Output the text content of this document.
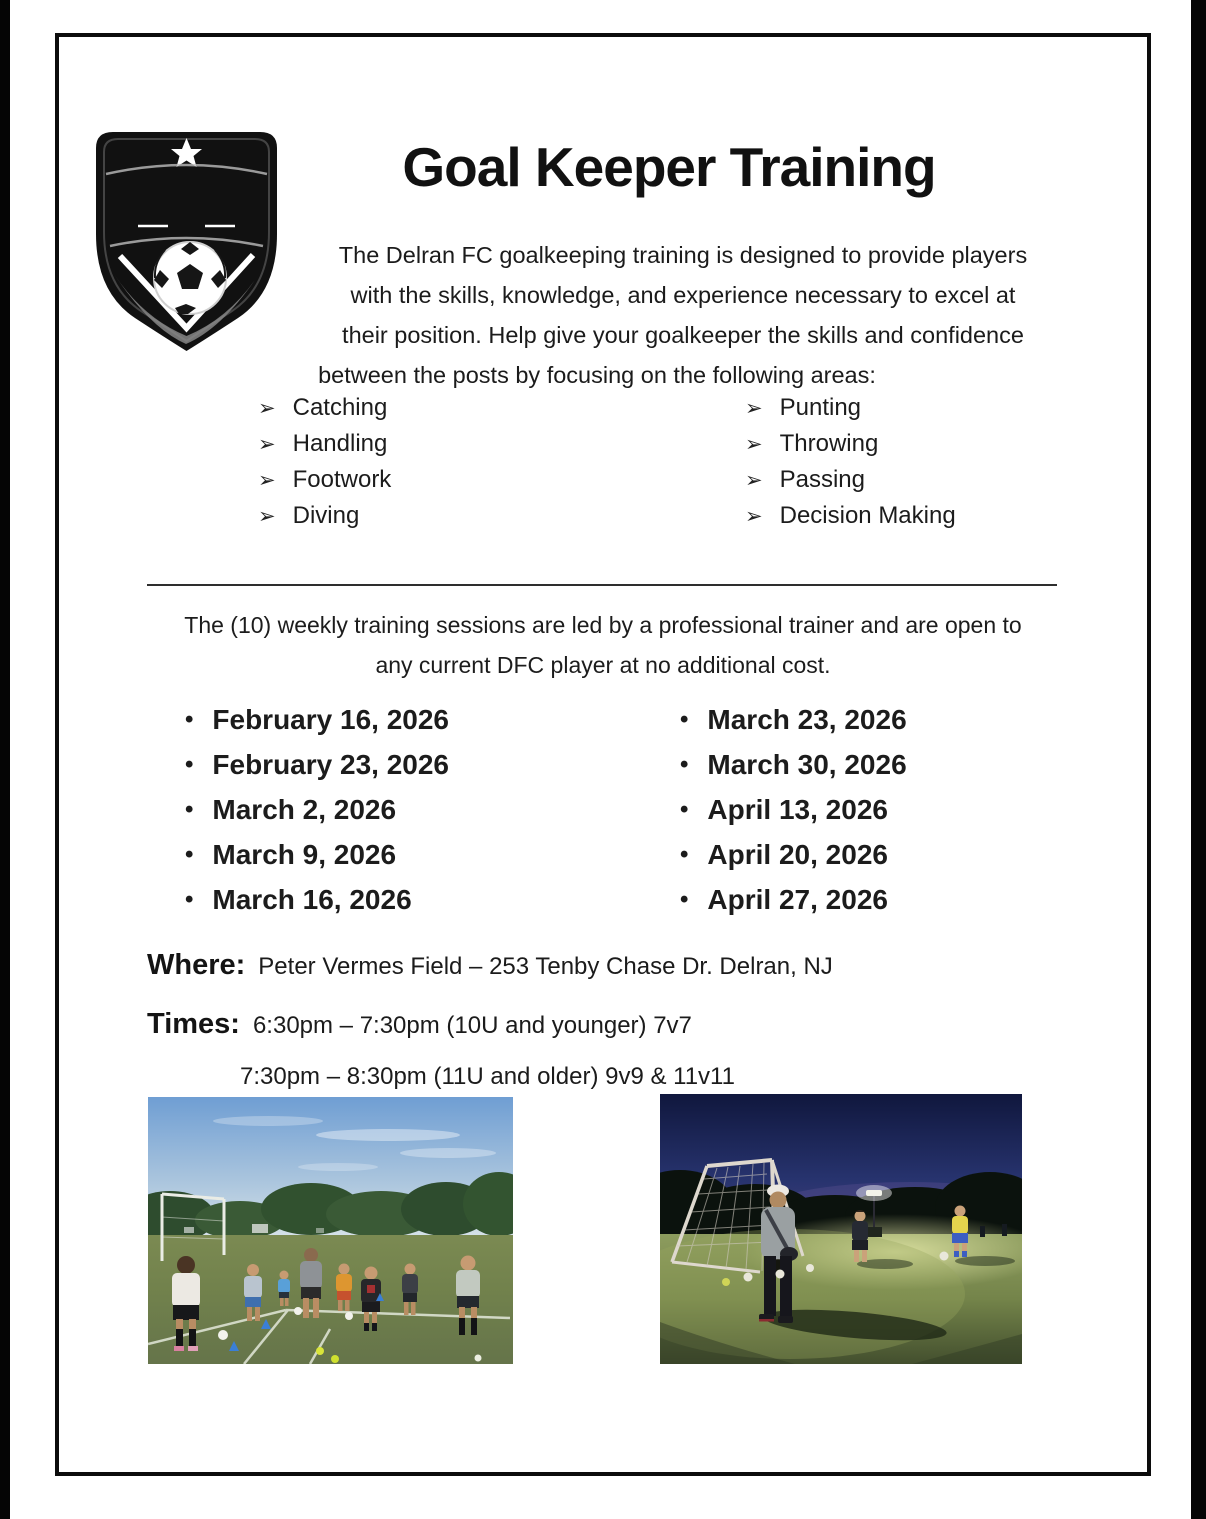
Goal Keeper Training
The Delran FC goalkeeping training is designed to provide players
with the skills, knowledge, and experience necessary to excel at
their position. Help give your goalkeeper the skills and confidence
between the posts by focusing on the following areas:
➢ Catching
➢ Handling
➢ Footwork
➢ Diving
➢ Punting
➢ Throwing
➢ Passing
➢ Decision Making
The (10) weekly training sessions are led by a professional trainer and are open to
any current DFC player at no additional cost.
• February 16, 2026
• February 23, 2026
• March 2, 2026
• March 9, 2026
• March 16, 2026
• March 23, 2026
• March 30, 2026
• April 13, 2026
• April 20, 2026
• April 27, 2026
Where: Peter Vermes Field – 253 Tenby Chase Dr. Delran, NJ
Times: 6:30pm – 7:30pm (10U and younger) 7v7
7:30pm – 8:30pm (11U and older) 9v9 & 11v11
